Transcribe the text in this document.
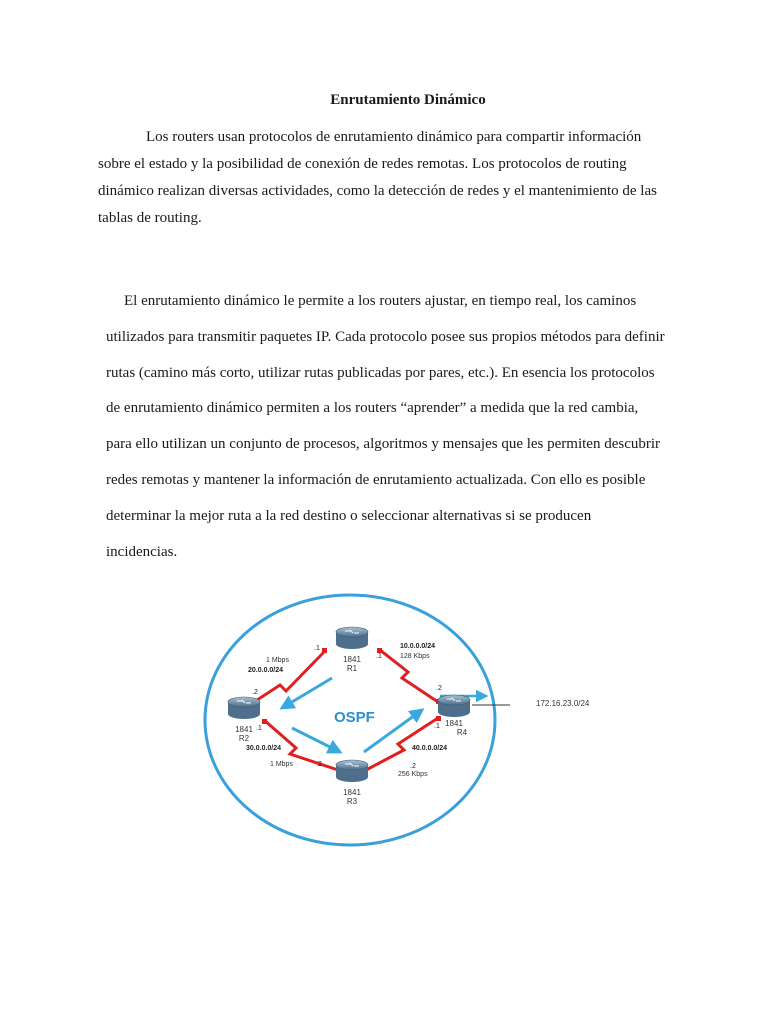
Enrutamiento Dinámico

Los routers usan protocolos de enrutamiento dinámico para compartir información sobre el estado y la posibilidad de conexión de redes remotas. Los protocolos de routing dinámico realizan diversas actividades, como la detección de redes y el mantenimiento de las tablas de routing.

El enrutamiento dinámico le permite a los routers ajustar, en tiempo real, los caminos utilizados para transmitir paquetes IP. Cada protocolo posee sus propios métodos para definir rutas (camino más corto, utilizar rutas publicadas por pares, etc.). En esencia los protocolos de enrutamiento dinámico permiten a los routers “aprender” a medida que la red cambia, para ello utilizan un conjunto de procesos, algoritmos y mensajes que les permiten descubrir redes remotas y mantener la información de enrutamiento actualizada. Con ello es posible determinar la mejor ruta a la red destino o seleccionar alternativas si se producen incidencias.

1841
R1
1841
R2
1841
R3
1841
R4
1 Mbps
20.0.0.0/24
10.0.0.0/24
128 Kbps
30.0.0.0/24
1 Mbps
40.0.0.0/24
256 Kbps
.1
.1
.2
.1
.2	.2
.2
.1
OSPF
172.16.23.0/24
